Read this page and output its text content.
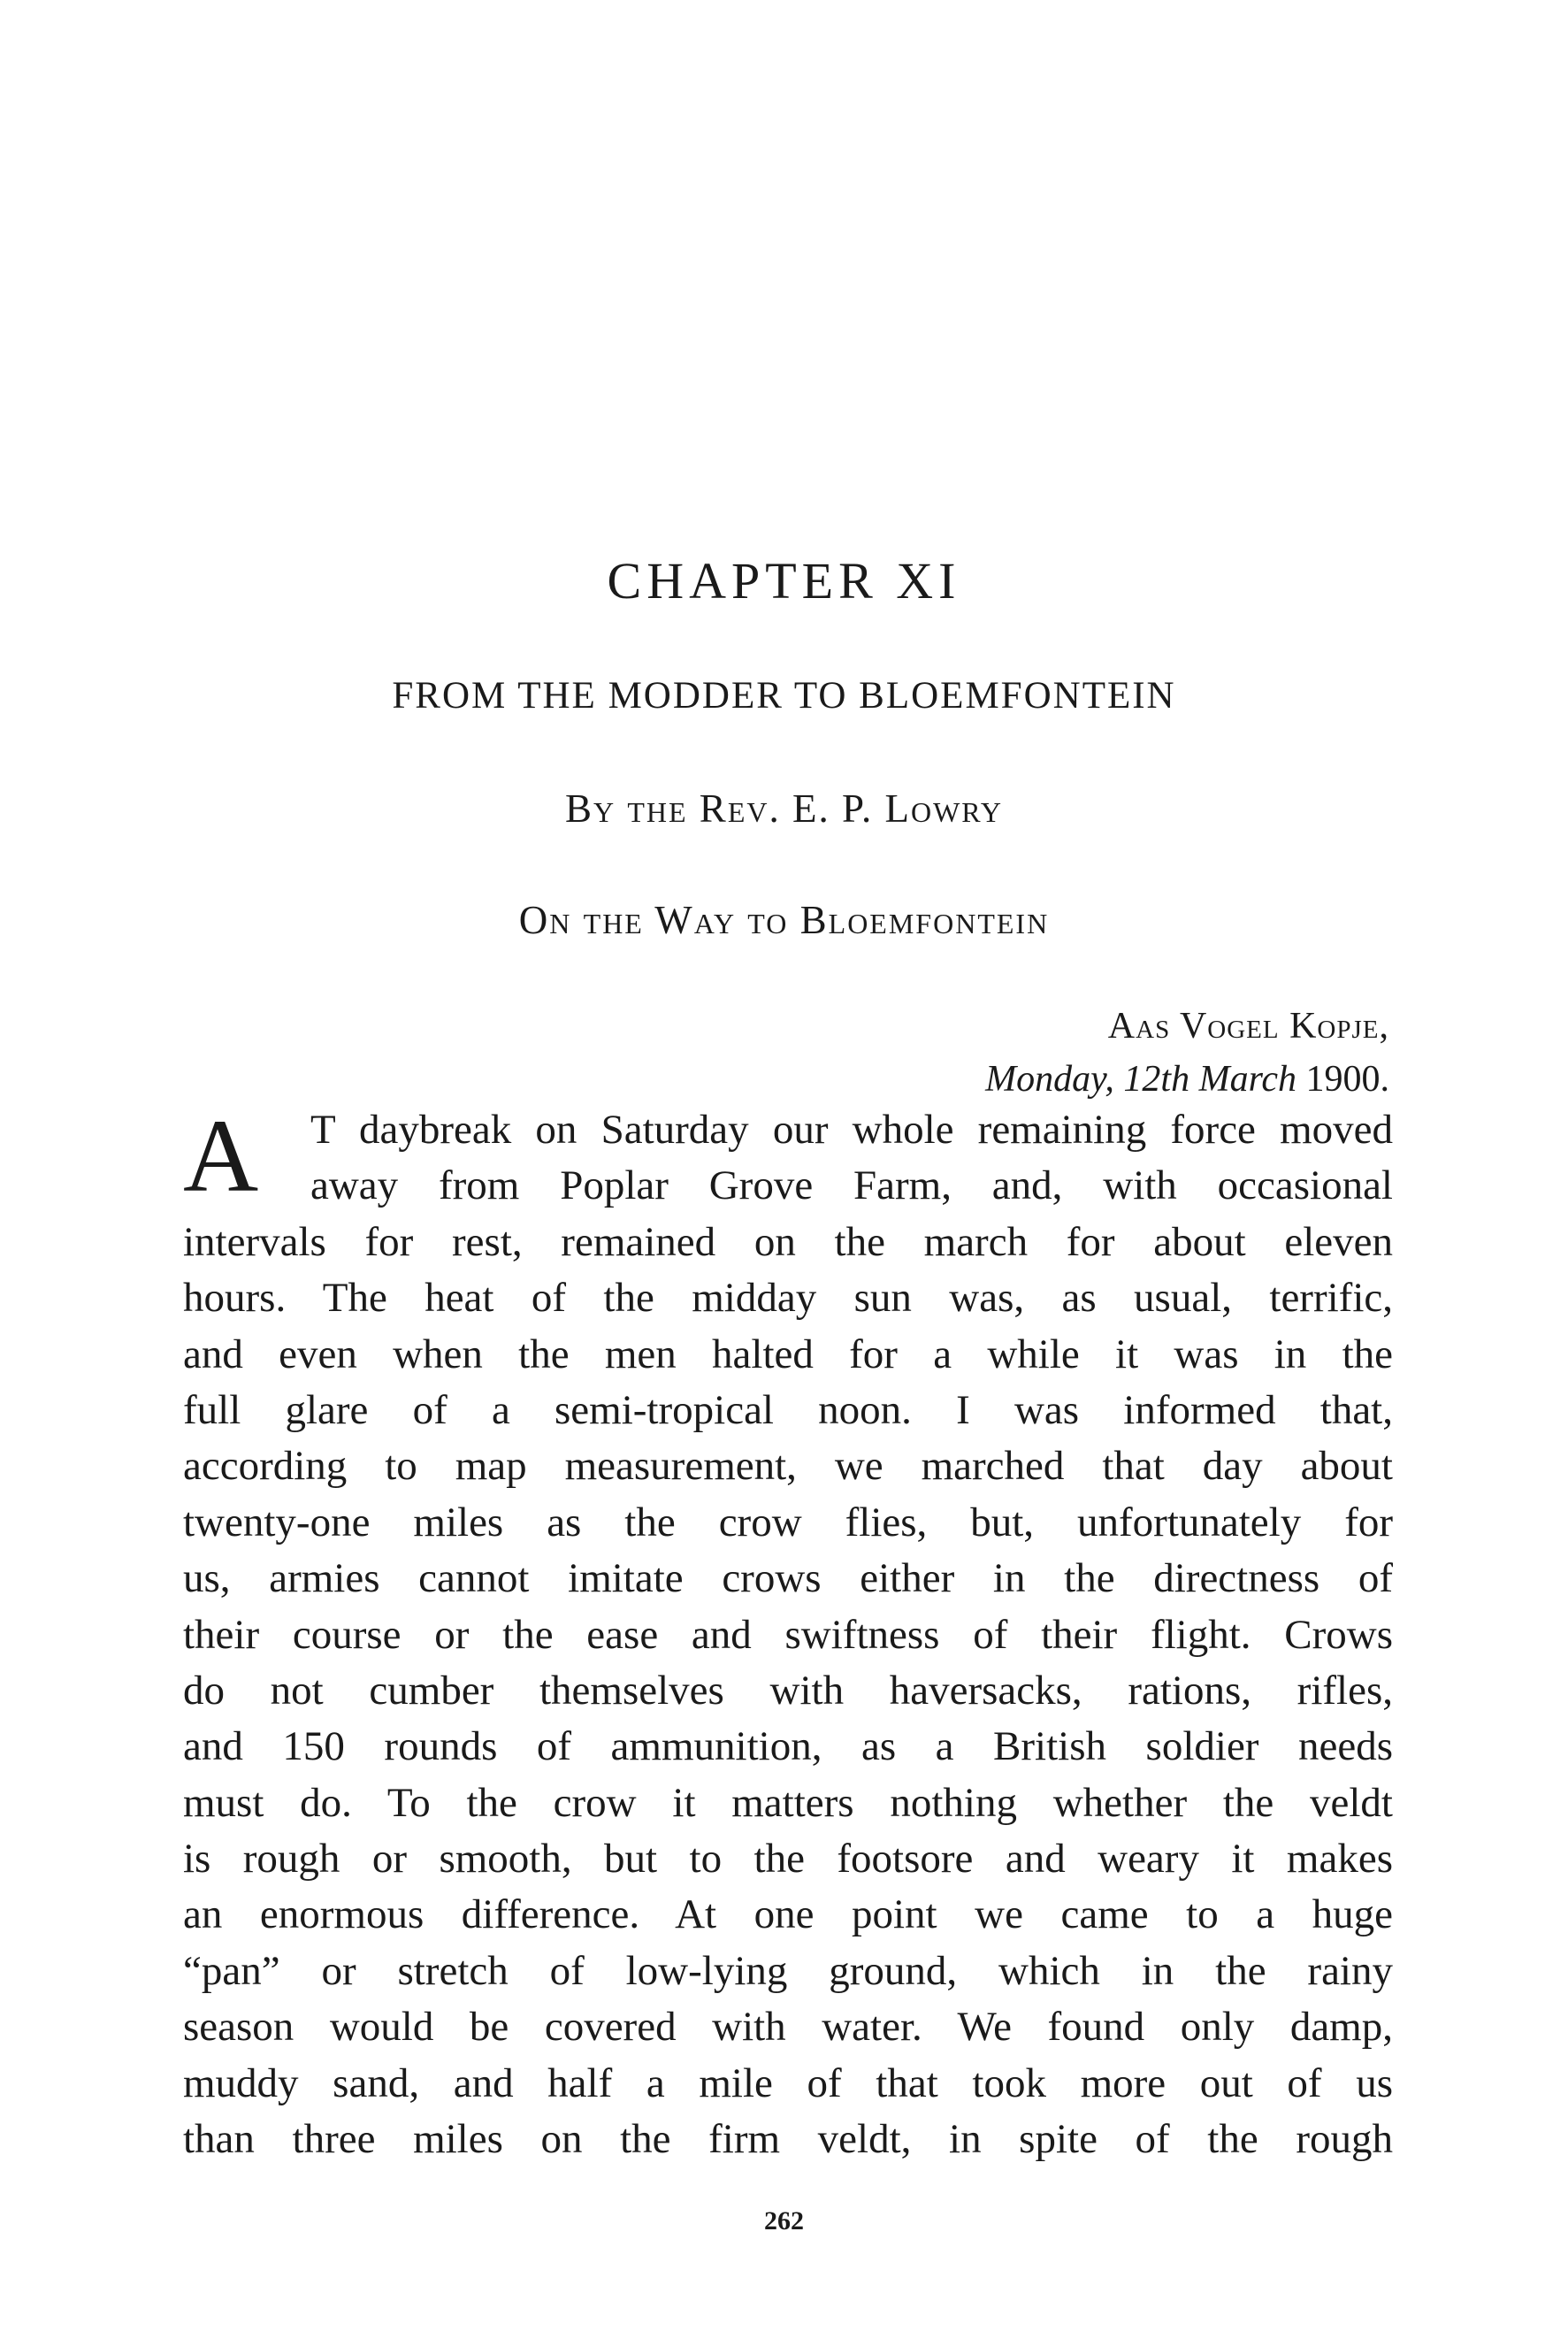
CHAPTER XI
FROM THE MODDER TO BLOEMFONTEIN

By the Rev. E. P. Lowry

On the Way to Bloemfontein
Aas Vogel Kopje,
Monday, 12th March 1900.
A	T daybreak on Saturday our whole remaining force moved
away from Poplar Grove Farm, and, with occasional
intervals for rest, remained on the march for about eleven
hours. The heat of the midday sun was, as usual, terrific,
and even when the men halted for a while it was in the
full glare of a semi-tropical noon. I was informed that,
according to map measurement, we marched that day about
twenty-one miles as the crow flies, but, unfortunately for
us, armies cannot imitate crows either in the directness of
their course or the ease and swiftness of their flight. Crows
do not cumber themselves with haversacks, rations, rifles,
and 150 rounds of ammunition, as a British soldier needs
must do. To the crow it matters nothing whether the veldt
is rough or smooth, but to the footsore and weary it makes
an enormous difference. At one point we came to a huge
“pan” or stretch of low-lying ground, which in the rainy
season would be covered with water. We found only damp,
muddy sand, and half a mile of that took more out of us
than three miles on the firm veldt, in spite of the rough
262
